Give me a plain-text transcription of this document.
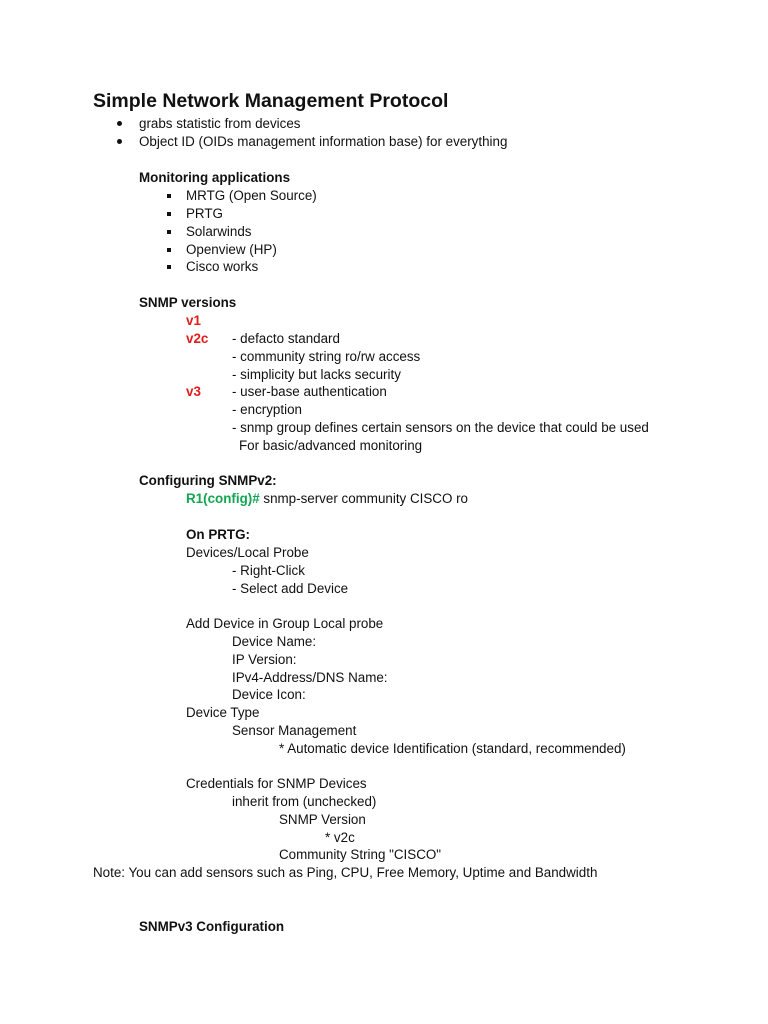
Simple Network Management Protocol
grabs statistic from devices
Object ID (OIDs management information base) for everything
Monitoring applications
MRTG (Open Source)
PRTG
Solarwinds
Openview (HP)
Cisco works
SNMP versions
v1
v2c - defacto standard
- community string ro/rw access
- simplicity but lacks security
v3 - user-base authentication
- encryption
- snmp group defines certain sensors on the device that could be used
For basic/advanced monitoring
Configuring SNMPv2:
R1(config)# snmp-server community CISCO ro
On PRTG:
Devices/Local Probe
- Right-Click
- Select add Device
Add Device in Group Local probe
Device Name:
IP Version:
IPv4-Address/DNS Name:
Device Icon:
Device Type
Sensor Management
* Automatic device Identification (standard, recommended)
Credentials for SNMP Devices
inherit from (unchecked)
SNMP Version
* v2c
Community String "CISCO"
Note: You can add sensors such as Ping, CPU, Free Memory, Uptime and Bandwidth
SNMPv3 Configuration
